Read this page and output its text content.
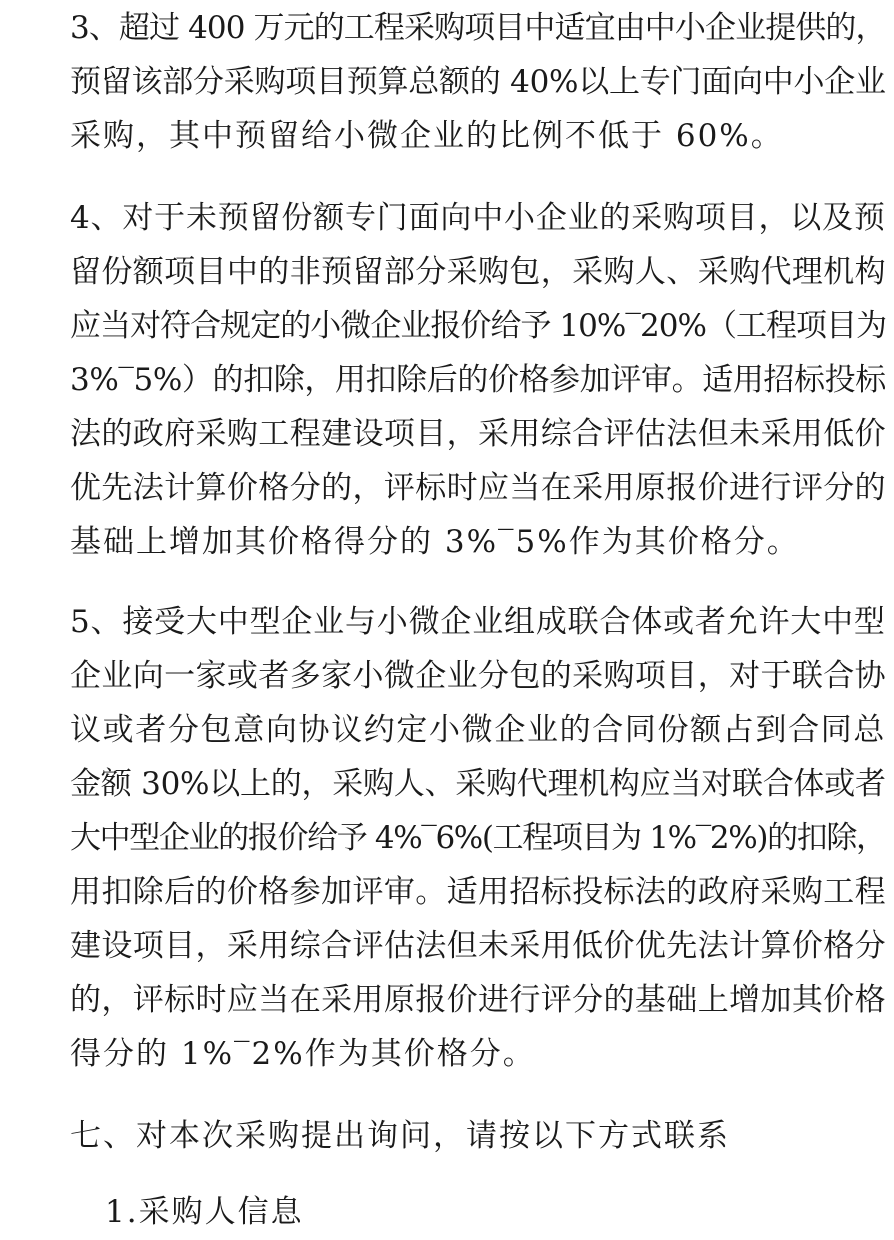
3、超过 400 万元的工程采购项目中适宜由中小企业提供的，
预留该部分采购项目预算总额的 40%以上专门面向中小企业
采购，其中预留给小微企业的比例不低于 60%。
4、对于未预留份额专门面向中小企业的采购项目，以及预
留份额项目中的非预留部分采购包，采购人、采购代理机构
应当对符合规定的小微企业报价给予 10%‾20%（工程项目为
3%‾5%）的扣除，用扣除后的价格参加评审。适用招标投标
法的政府采购工程建设项目，采用综合评估法但未采用低价
优先法计算价格分的，评标时应当在采用原报价进行评分的
基础上增加其价格得分的 3%‾5%作为其价格分。
5、接受大中型企业与小微企业组成联合体或者允许大中型
企业向一家或者多家小微企业分包的采购项目，对于联合协
议或者分包意向协议约定小微企业的合同份额占到合同总
金额 30%以上的，采购人、采购代理机构应当对联合体或者
大中型企业的报价给予 4%‾6%(工程项目为 1%‾2%)的扣除，
用扣除后的价格参加评审。适用招标投标法的政府采购工程
建设项目，采用综合评估法但未采用低价优先法计算价格分
的，评标时应当在采用原报价进行评分的基础上增加其价格
得分的 1%‾2%作为其价格分。
七、对本次采购提出询问，请按以下方式联系
1.采购人信息
